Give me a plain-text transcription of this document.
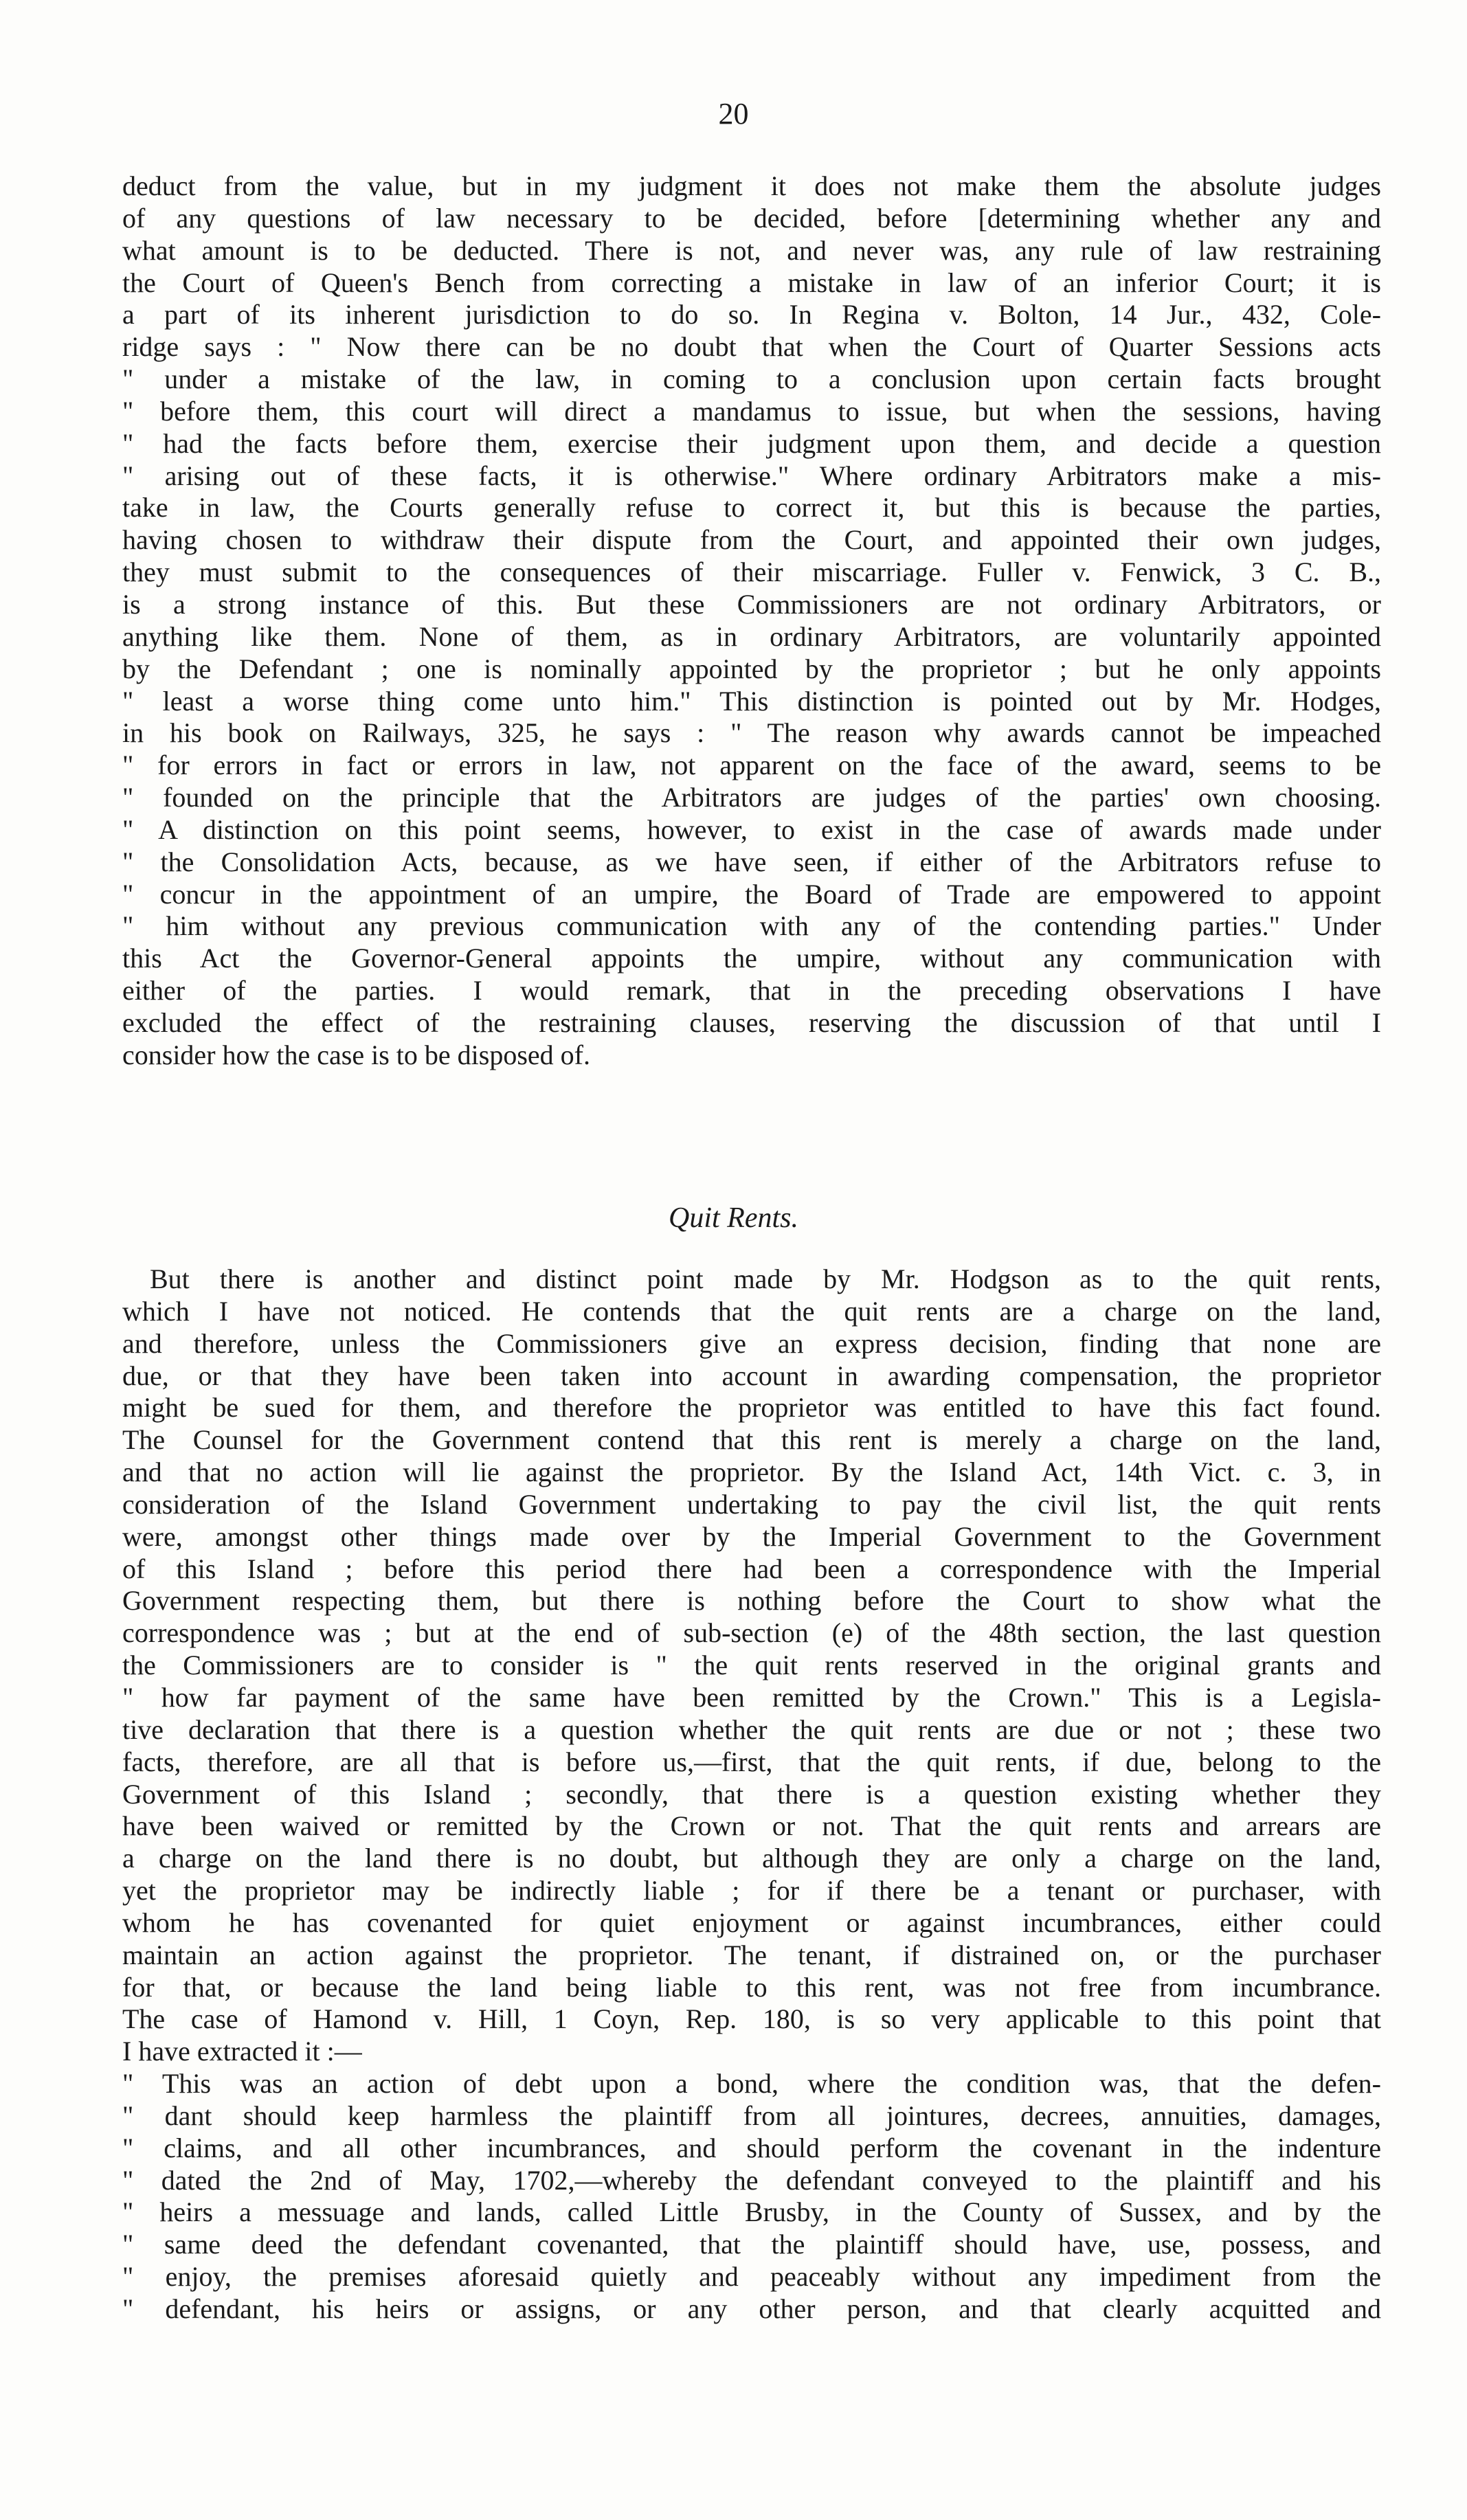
20
deduct from the value, but in my judgment it does not make them the absolute judges
of any questions of law necessary to be decided, before [determining whether any and
what amount is to be deducted. There is not, and never was, any rule of law restraining
the Court of Queen's Bench from correcting a mistake in law of an inferior Court; it is
a part of its inherent jurisdiction to do so. In Regina v. Bolton, 14 Jur., 432, Cole-
ridge says : " Now there can be no doubt that when the Court of Quarter Sessions acts
" under a mistake of the law, in coming to a conclusion upon certain facts brought
" before them, this court will direct a mandamus to issue, but when the sessions, having
" had the facts before them, exercise their judgment upon them, and decide a question
" arising out of these facts, it is otherwise." Where ordinary Arbitrators make a mis-
take in law, the Courts generally refuse to correct it, but this is because the parties,
having chosen to withdraw their dispute from the Court, and appointed their own judges,
they must submit to the consequences of their miscarriage. Fuller v. Fenwick, 3 C. B.,
is a strong instance of this. But these Commissioners are not ordinary Arbitrators, or
anything like them. None of them, as in ordinary Arbitrators, are voluntarily appointed
by the Defendant ; one is nominally appointed by the proprietor ; but he only appoints
" least a worse thing come unto him." This distinction is pointed out by Mr. Hodges,
in his book on Railways, 325, he says : " The reason why awards cannot be impeached
" for errors in fact or errors in law, not apparent on the face of the award, seems to be
" founded on the principle that the Arbitrators are judges of the parties' own choosing.
" A distinction on this point seems, however, to exist in the case of awards made under
" the Consolidation Acts, because, as we have seen, if either of the Arbitrators refuse to
" concur in the appointment of an umpire, the Board of Trade are empowered to appoint
" him without any previous communication with any of the contending parties." Under
this Act the Governor-General appoints the umpire, without any communication with
either of the parties. I would remark, that in the preceding observations I have
excluded the effect of the restraining clauses, reserving the discussion of that until I
consider how the case is to be disposed of.
Quit Rents.
But there is another and distinct point made by Mr. Hodgson as to the quit rents,
which I have not noticed. He contends that the quit rents are a charge on the land,
and therefore, unless the Commissioners give an express decision, finding that none are
due, or that they have been taken into account in awarding compensation, the proprietor
might be sued for them, and therefore the proprietor was entitled to have this fact found.
The Counsel for the Government contend that this rent is merely a charge on the land,
and that no action will lie against the proprietor. By the Island Act, 14th Vict. c. 3, in
consideration of the Island Government undertaking to pay the civil list, the quit rents
were, amongst other things made over by the Imperial Government to the Government
of this Island ; before this period there had been a correspondence with the Imperial
Government respecting them, but there is nothing before the Court to show what the
correspondence was ; but at the end of sub-section (e) of the 48th section, the last question
the Commissioners are to consider is " the quit rents reserved in the original grants and
" how far payment of the same have been remitted by the Crown." This is a Legisla-
tive declaration that there is a question whether the quit rents are due or not ; these two
facts, therefore, are all that is before us,—first, that the quit rents, if due, belong to the
Government of this Island ; secondly, that there is a question existing whether they
have been waived or remitted by the Crown or not. That the quit rents and arrears are
a charge on the land there is no doubt, but although they are only a charge on the land,
yet the proprietor may be indirectly liable ; for if there be a tenant or purchaser, with
whom he has covenanted for quiet enjoyment or against incumbrances, either could
maintain an action against the proprietor. The tenant, if distrained on, or the purchaser
for that, or because the land being liable to this rent, was not free from incumbrance.
The case of Hamond v. Hill, 1 Coyn, Rep. 180, is so very applicable to this point that
I have extracted it :—
" This was an action of debt upon a bond, where the condition was, that the defen-
" dant should keep harmless the plaintiff from all jointures, decrees, annuities, damages,
" claims, and all other incumbrances, and should perform the covenant in the indenture
" dated the 2nd of May, 1702,—whereby the defendant conveyed to the plaintiff and his
" heirs a messuage and lands, called Little Brusby, in the County of Sussex, and by the
" same deed the defendant covenanted, that the plaintiff should have, use, possess, and
" enjoy, the premises aforesaid quietly and peaceably without any impediment from the
" defendant, his heirs or assigns, or any other person, and that clearly acquitted and
